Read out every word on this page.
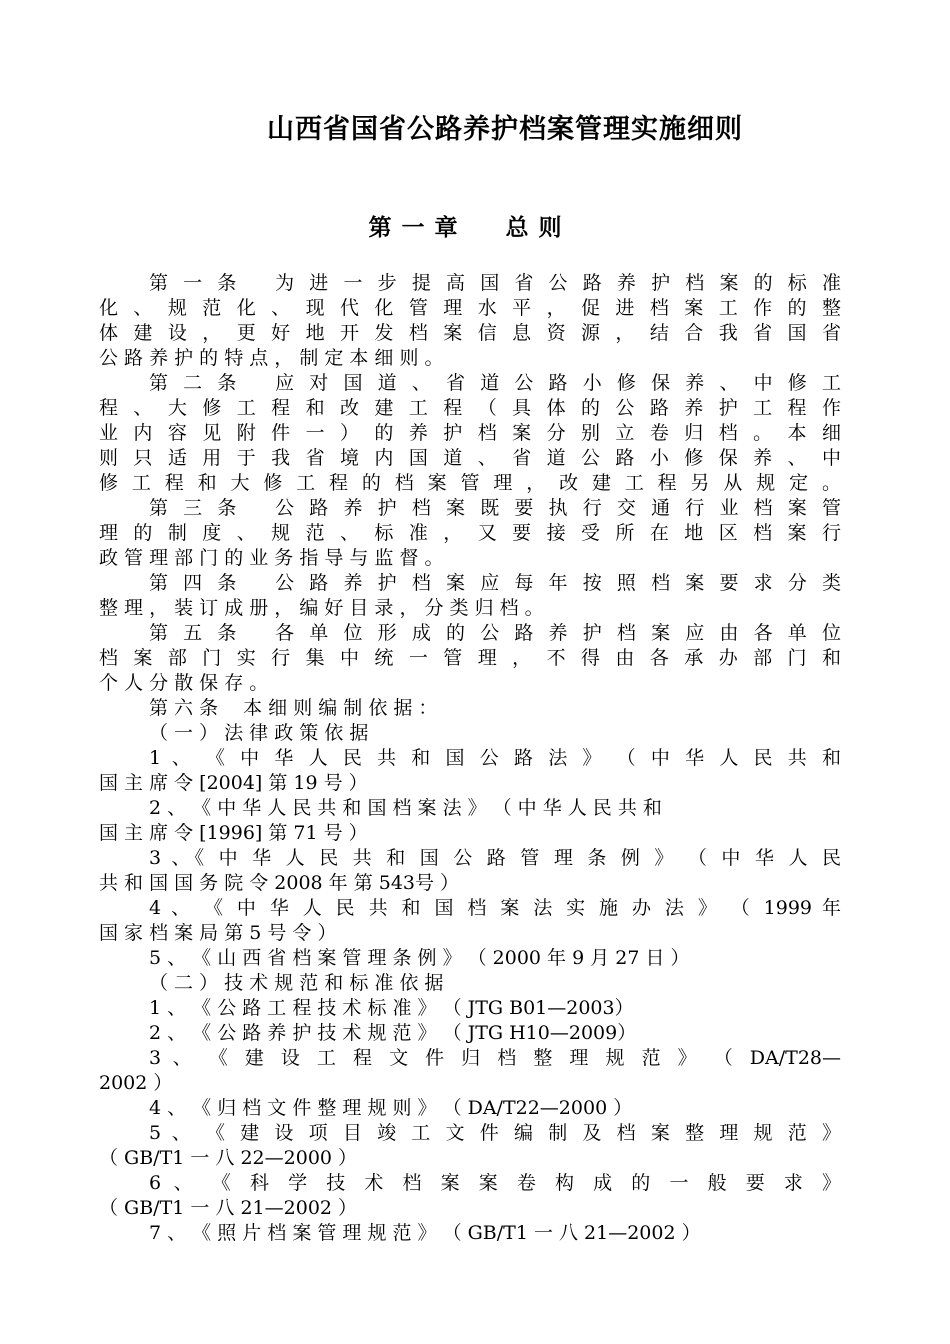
山西省国省公路养护档案管理实施细则
第一章 总则
第 一 条　 为 进 一 步 提 高 国 省 公 路 养 护 档 案 的 标 准
化 、 规 范 化 、 现 代 化 管 理 水 平 ， 促 进 档 案 工 作 的 整
体 建 设 ， 更 好 地 开 发 档 案 信 息 资 源 ， 结 合 我 省 国 省
公 路 养 护 的 特 点 ， 制 定 本 细 则 。
第 二 条　 应 对 国 道 、 省 道 公 路 小 修 保 养 、 中 修 工
程 、 大 修 工 程 和 改 建 工 程 （ 具 体 的 公 路 养 护 工 程 作
业 内 容 见 附 件 一 ） 的 养 护 档 案 分 别 立 卷 归 档 。 本 细
则 只 适 用 于 我 省 境 内 国 道 、 省 道 公 路 小 修 保 养 、 中
修 工 程 和 大 修 工 程 的 档 案 管 理 ， 改 建 工 程 另 从 规 定 。
第 三 条　 公 路 养 护 档 案 既 要 执 行 交 通 行 业 档 案 管
理 的 制 度 、 规 范 、 标 准 ， 又 要 接 受 所 在 地 区 档 案 行
政 管 理 部 门 的 业 务 指 导 与 监 督 。
第 四 条　 公 路 养 护 档 案 应 每 年 按 照 档 案 要 求 分 类
整 理 ， 装 订 成 册 ， 编 好 目 录 ， 分 类 归 档 。
第 五 条　 各 单 位 形 成 的 公 路 养 护 档 案 应 由 各 单 位
档 案 部 门 实 行 集 中 统 一 管 理 ， 不 得 由 各 承 办 部 门 和
个 人 分 散 保 存 。
第 六 条　 本 细 则 编 制 依 据 ：
（ 一 ） 法 律 政 策 依 据
1 、 《 中 华 人 民 共 和 国 公 路 法 》 （ 中 华 人 民 共 和
国 主 席 令 [2004] 第 19 号 ）
2 、 《 中 华 人 民 共 和 国 档 案 法 》 （ 中 华 人 民 共 和
国 主 席 令 [1996] 第 71 号 ）
3 、《 中 华 人 民 共 和 国 公 路 管 理 条 例 》 （ 中 华 人 民
共 和 国 国 务 院 令 2008 年 第 543号 ）
4 、 《 中 华 人 民 共 和 国 档 案 法 实 施 办 法 》 （ 1999 年
国 家 档 案 局 第 5 号 令 ）
5 、 《 山 西 省 档 案 管 理 条 例 》 （ 2000 年 9 月 27 日 ）
（ 二 ） 技 术 规 范 和 标 准 依 据
1 、 《 公 路 工 程 技 术 标 准 》 （ JTG B01—2003）
2 、 《 公 路 养 护 技 术 规 范 》 （ JTG H10—2009）
3 、 《 建 设 工 程 文 件 归 档 整 理 规 范 》 （ DA/T28—
2002 ）
4 、 《 归 档 文 件 整 理 规 则 》 （ DA/T22—2000 ）
5 、 《 建 设 项 目 竣 工 文 件 编 制 及 档 案 整 理 规 范 》
（ GB/T1 一 八 22—2000 ）
6 、 《 科 学 技 术 档 案 案 卷 构 成 的 一 般 要 求 》
（ GB/T1 一 八 21—2002 ）
7 、 《 照 片 档 案 管 理 规 范 》 （ GB/T1 一 八 21—2002 ）
